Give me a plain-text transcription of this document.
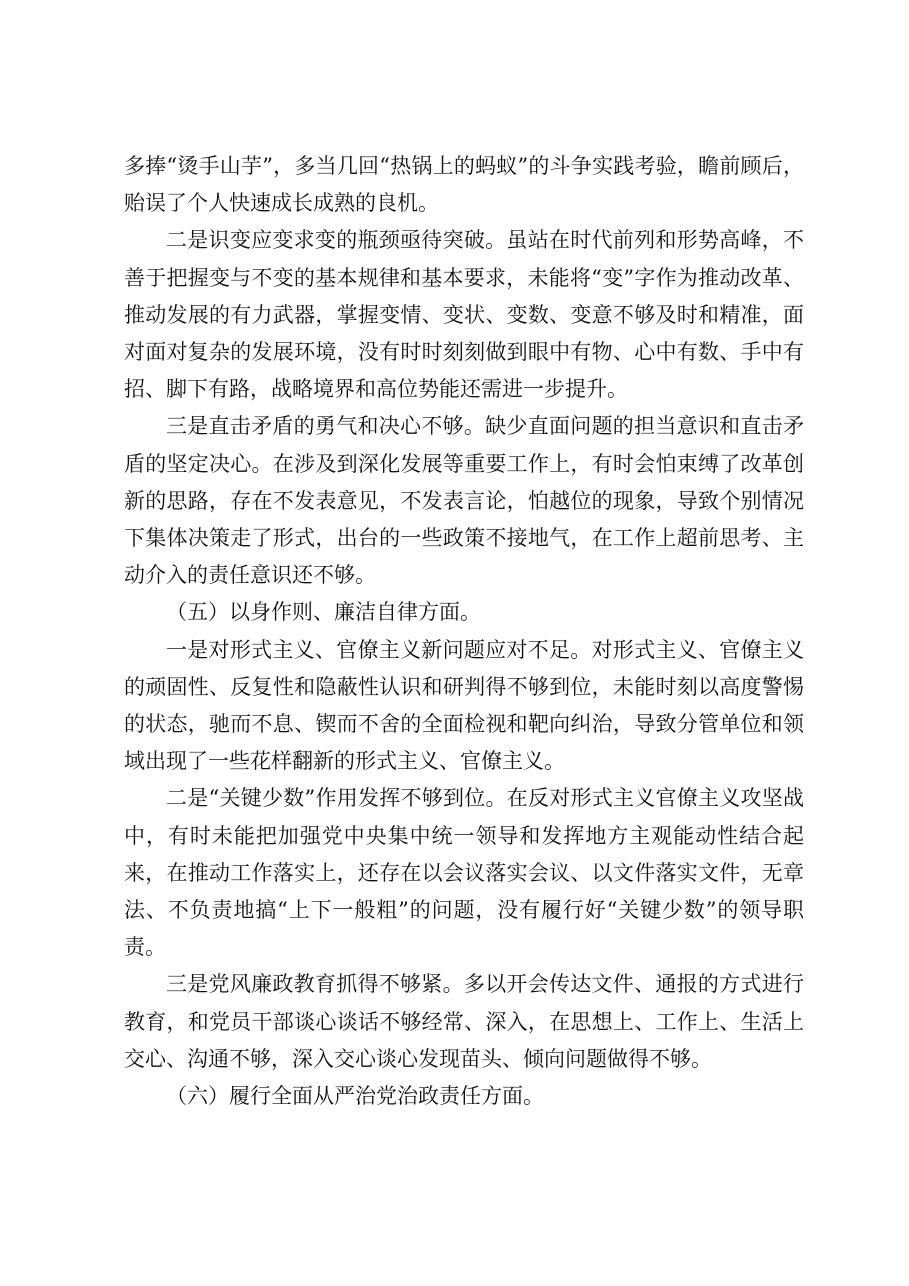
多捧“烫手山芋”，多当几回“热锅上的蚂蚁”的斗争实践考验，瞻前顾后，贻误了个人快速成长成熟的良机。

二是识变应变求变的瓶颈亟待突破。虽站在时代前列和形势高峰，不善于把握变与不变的基本规律和基本要求，未能将“变”字作为推动改革、推动发展的有力武器，掌握变情、变状、变数、变意不够及时和精准，面对面对复杂的发展环境，没有时时刻刻做到眼中有物、心中有数、手中有招、脚下有路，战略境界和高位势能还需进一步提升。

三是直击矛盾的勇气和决心不够。缺少直面问题的担当意识和直击矛盾的坚定决心。在涉及到深化发展等重要工作上，有时会怕束缚了改革创新的思路，存在不发表意见，不发表言论，怕越位的现象，导致个别情况下集体决策走了形式，出台的一些政策不接地气，在工作上超前思考、主动介入的责任意识还不够。

（五）以身作则、廉洁自律方面。

一是对形式主义、官僚主义新问题应对不足。对形式主义、官僚主义的顽固性、反复性和隐蔽性认识和研判得不够到位，未能时刻以高度警惕的状态，驰而不息、锲而不舍的全面检视和靶向纠治，导致分管单位和领域出现了一些花样翻新的形式主义、官僚主义。

二是“关键少数”作用发挥不够到位。在反对形式主义官僚主义攻坚战中，有时未能把加强党中央集中统一领导和发挥地方主观能动性结合起来，在推动工作落实上，还存在以会议落实会议、以文件落实文件，无章法、不负责地搞“上下一般粗”的问题，没有履行好“关键少数”的领导职责。

三是党风廉政教育抓得不够紧。多以开会传达文件、通报的方式进行教育，和党员干部谈心谈话不够经常、深入，在思想上、工作上、生活上交心、沟通不够，深入交心谈心发现苗头、倾向问题做得不够。

（六）履行全面从严治党治政责任方面。
